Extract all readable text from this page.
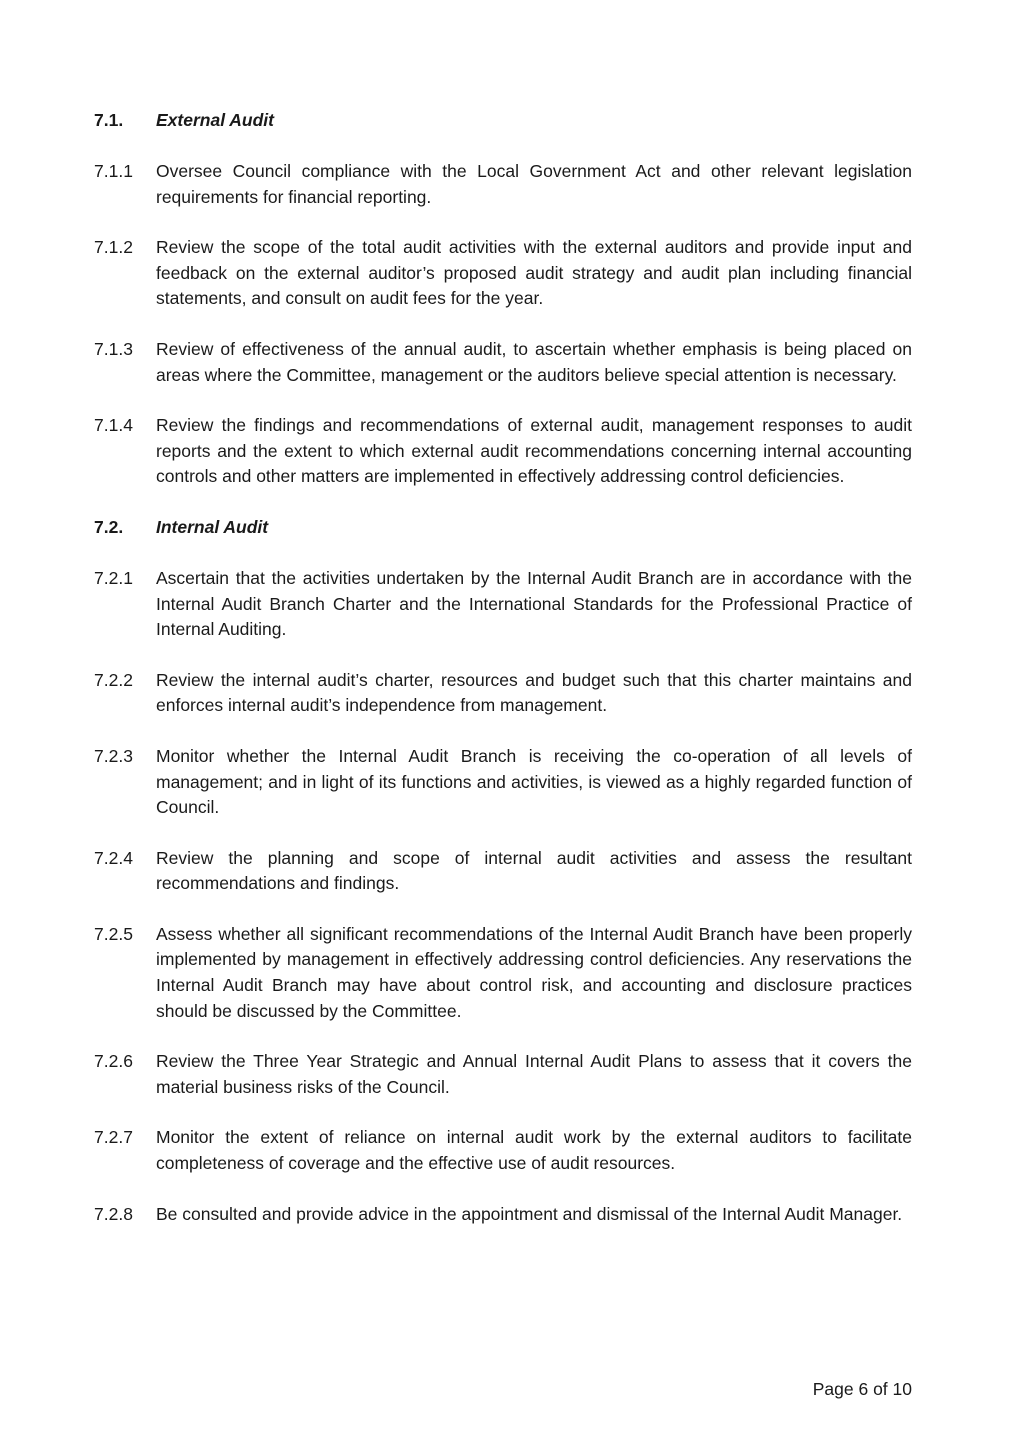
7.1.	External Audit
7.1.1	Oversee Council compliance with the Local Government Act and other relevant legislation requirements for financial reporting.
7.1.2	Review the scope of the total audit activities with the external auditors and provide input and feedback on the external auditor’s proposed audit strategy and audit plan including financial statements, and consult on audit fees for the year.
7.1.3	Review of effectiveness of the annual audit, to ascertain whether emphasis is being placed on areas where the Committee, management or the auditors believe special attention is necessary.
7.1.4	Review the findings and recommendations of external audit, management responses to audit reports and the extent to which external audit recommendations concerning internal accounting controls and other matters are implemented in effectively addressing control deficiencies.
7.2.	Internal Audit
7.2.1	Ascertain that the activities undertaken by the Internal Audit Branch are in accordance with the Internal Audit Branch Charter and the International Standards for the Professional Practice of Internal Auditing.
7.2.2	Review the internal audit’s charter, resources and budget such that this charter maintains and enforces internal audit’s independence from management.
7.2.3	Monitor whether the Internal Audit Branch is receiving the co-operation of all levels of management; and in light of its functions and activities, is viewed as a highly regarded function of Council.
7.2.4	Review the planning and scope of internal audit activities and assess the resultant recommendations and findings.
7.2.5	Assess whether all significant recommendations of the Internal Audit Branch have been properly implemented by management in effectively addressing control deficiencies. Any reservations the Internal Audit Branch may have about control risk, and accounting and disclosure practices should be discussed by the Committee.
7.2.6	Review the Three Year Strategic and Annual Internal Audit Plans to assess that it covers the material business risks of the Council.
7.2.7	Monitor the extent of reliance on internal audit work by the external auditors to facilitate completeness of coverage and the effective use of audit resources.
7.2.8	Be consulted and provide advice in the appointment and dismissal of the Internal Audit Manager.
Page 6 of 10
